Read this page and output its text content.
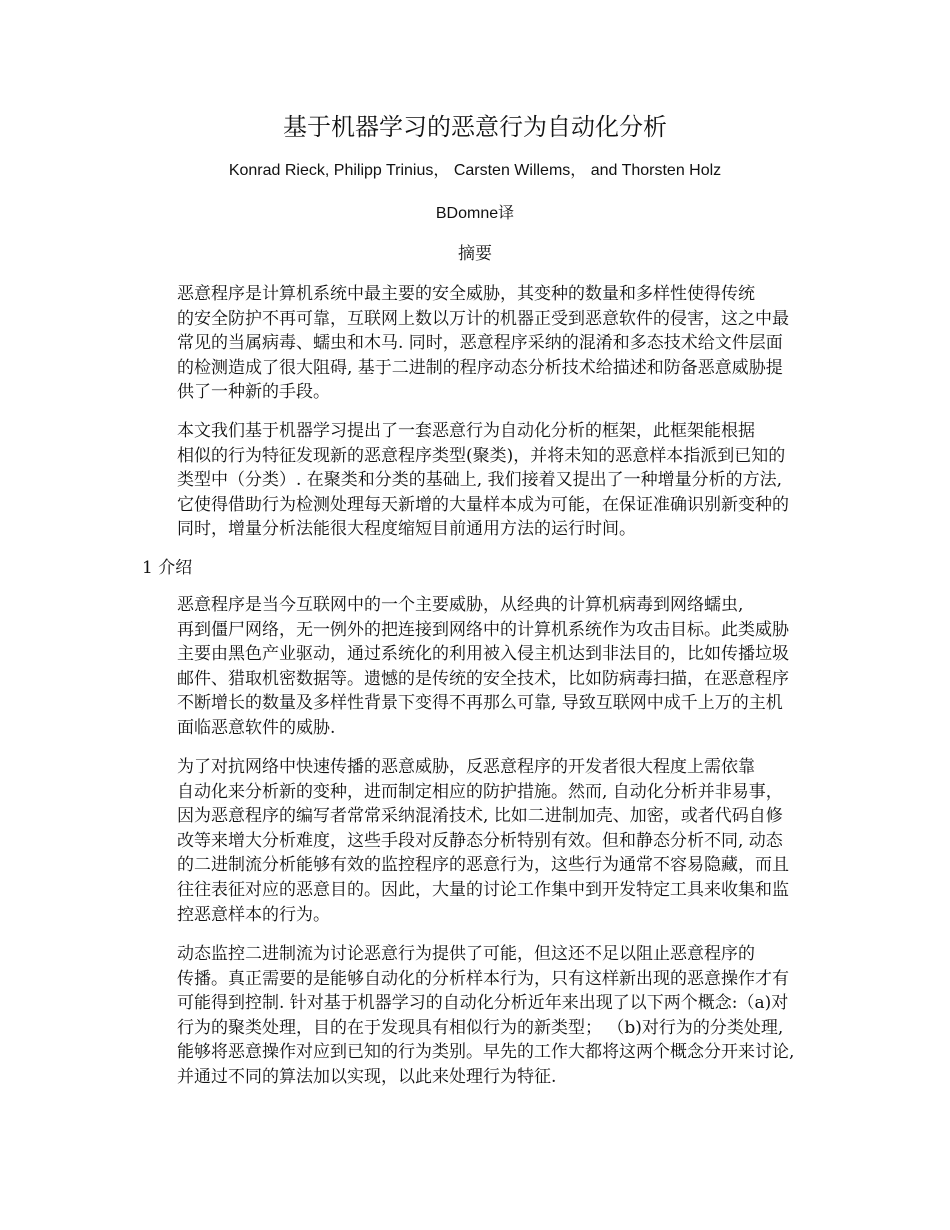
基于机器学习的恶意行为自动化分析
Konrad Rieck, Philipp Trinius， Carsten Willems， and Thorsten Holz
BDomne译
摘要

恶意程序是计算机系统中最主要的安全威胁，其变种的数量和多样性使得传统
的安全防护不再可靠，互联网上数以万计的机器正受到恶意软件的侵害，这之中最
常见的当属病毒、蠕虫和木马. 同时，恶意程序采纳的混淆和多态技术给文件层面
的检测造成了很大阻碍, 基于二进制的程序动态分析技术给描述和防备恶意威胁提
供了一种新的手段。

本文我们基于机器学习提出了一套恶意行为自动化分析的框架，此框架能根据
相似的行为特征发现新的恶意程序类型(聚类)，并将未知的恶意样本指派到已知的
类型中（分类）. 在聚类和分类的基础上, 我们接着又提出了一种增量分析的方法,
它使得借助行为检测处理每天新增的大量样本成为可能，在保证准确识别新变种的
同时，增量分析法能很大程度缩短目前通用方法的运行时间。

1 介绍

恶意程序是当今互联网中的一个主要威胁，从经典的计算机病毒到网络蠕虫,
再到僵尸网络，无一例外的把连接到网络中的计算机系统作为攻击目标。此类威胁
主要由黑色产业驱动，通过系统化的利用被入侵主机达到非法目的，比如传播垃圾
邮件、猎取机密数据等。遗憾的是传统的安全技术，比如防病毒扫描，在恶意程序
不断增长的数量及多样性背景下变得不再那么可靠, 导致互联网中成千上万的主机
面临恶意软件的威胁.

为了对抗网络中快速传播的恶意威胁，反恶意程序的开发者很大程度上需依靠
自动化来分析新的变种，进而制定相应的防护措施。然而, 自动化分析并非易事，
因为恶意程序的编写者常常采纳混淆技术, 比如二进制加壳、加密，或者代码自修
改等来增大分析难度，这些手段对反静态分析特别有效。但和静态分析不同, 动态
的二进制流分析能够有效的监控程序的恶意行为，这些行为通常不容易隐藏，而且
往往表征对应的恶意目的。因此，大量的讨论工作集中到开发特定工具来收集和监
控恶意样本的行为。

动态监控二进制流为讨论恶意行为提供了可能，但这还不足以阻止恶意程序的
传播。真正需要的是能够自动化的分析样本行为，只有这样新出现的恶意操作才有
可能得到控制. 针对基于机器学习的自动化分析近年来出现了以下两个概念:（a)对
行为的聚类处理，目的在于发现具有相似行为的新类型； （b)对行为的分类处理,
能够将恶意操作对应到已知的行为类别。早先的工作大都将这两个概念分开来讨论,
并通过不同的算法加以实现，以此来处理行为特征.
